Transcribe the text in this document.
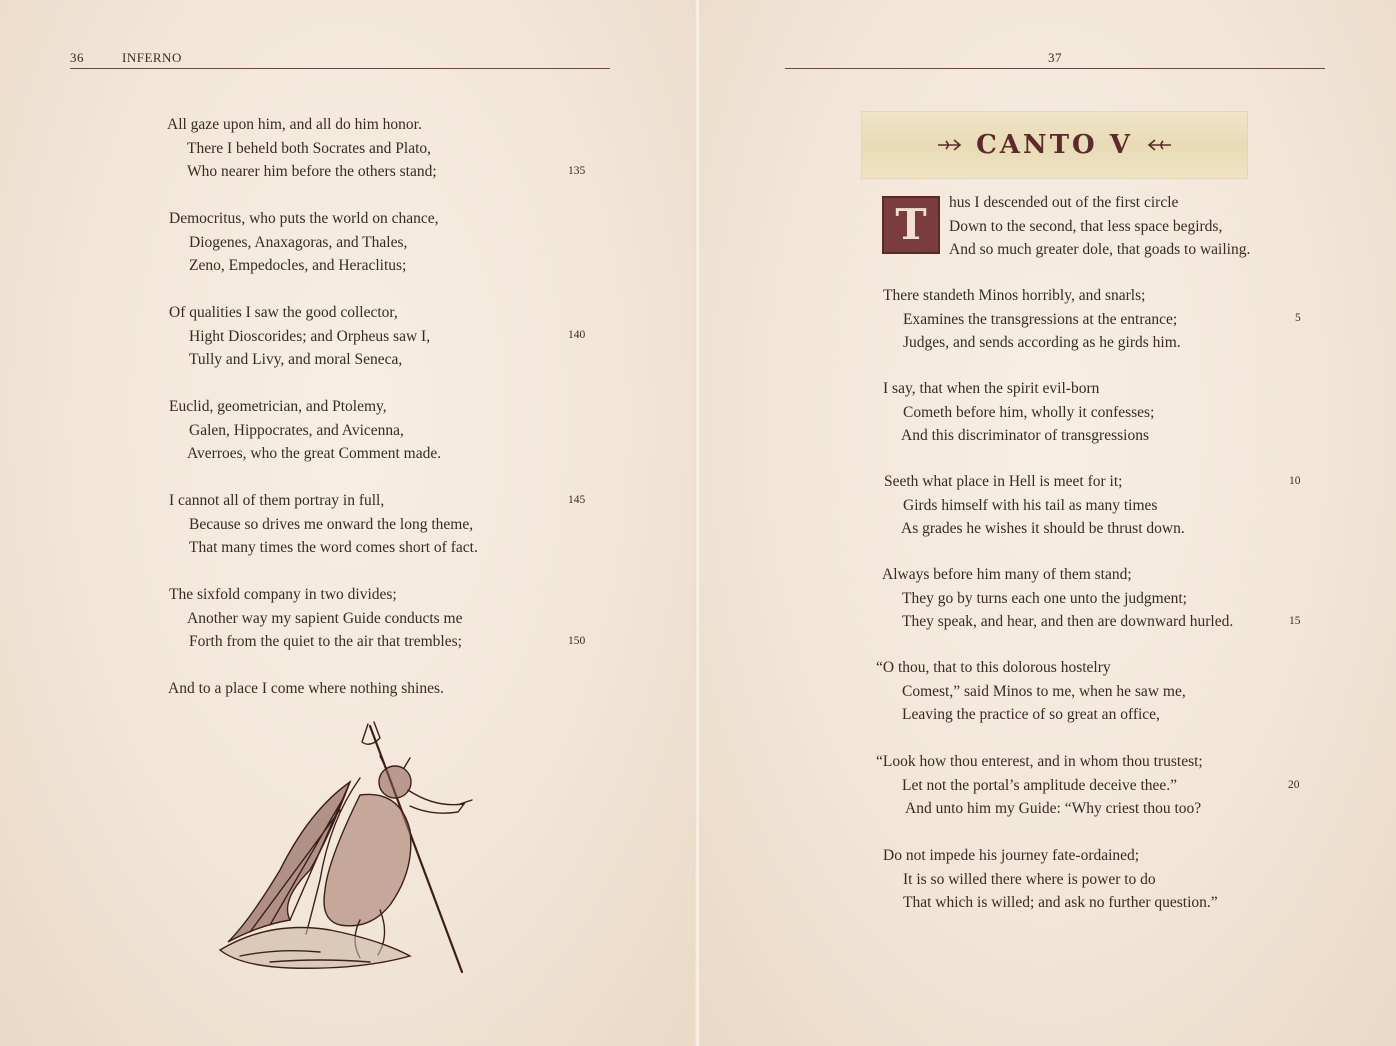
36	INFERNO
All gaze upon him, and all do him honor.
There I beheld both Socrates and Plato,
Who nearer him before the others stand;	135
Democritus, who puts the world on chance,
Diogenes, Anaxagoras, and Thales,
Zeno, Empedocles, and Heraclitus;
Of qualities I saw the good collector,
Hight Dioscorides; and Orpheus saw I,
Tully and Livy, and moral Seneca,
140
Euclid, geometrician, and Ptolemy,
Galen, Hippocrates, and Avicenna,
Averroes, who the great Comment made.
I cannot all of them portray in full,
Because so drives me onward the long theme,
That many times the word comes short of fact.
145
The sixfold company in two divides;
Another way my sapient Guide conducts me
Forth from the quiet to the air that trembles;	150
And to a place I come where nothing shines.
37
CANTO V
T hus I descended out of the first circle
Down to the second, that less space begirds,
And so much greater dole, that goads to wailing.
There standeth Minos horribly, and snarls;
Examines the transgressions at the entrance;
Judges, and sends according as he girds him.
5
I say, that when the spirit evil-born
Cometh before him, wholly it confesses;
And this discriminator of transgressions
Seeth what place in Hell is meet for it;
Girds himself with his tail as many times
As grades he wishes it should be thrust down.
10
Always before him many of them stand;
They go by turns each one unto the judgment;
They speak, and hear, and then are downward hurled.	15
“O thou, that to this dolorous hostelry
Comest,” said Minos to me, when he saw me,
Leaving the practice of so great an office,
“Look how thou enterest, and in whom thou trustest;
Let not the portal’s amplitude deceive thee.”
And unto him my Guide: “Why criest thou too?
20
Do not impede his journey fate-ordained;
It is so willed there where is power to do
That which is willed; and ask no further question.”
